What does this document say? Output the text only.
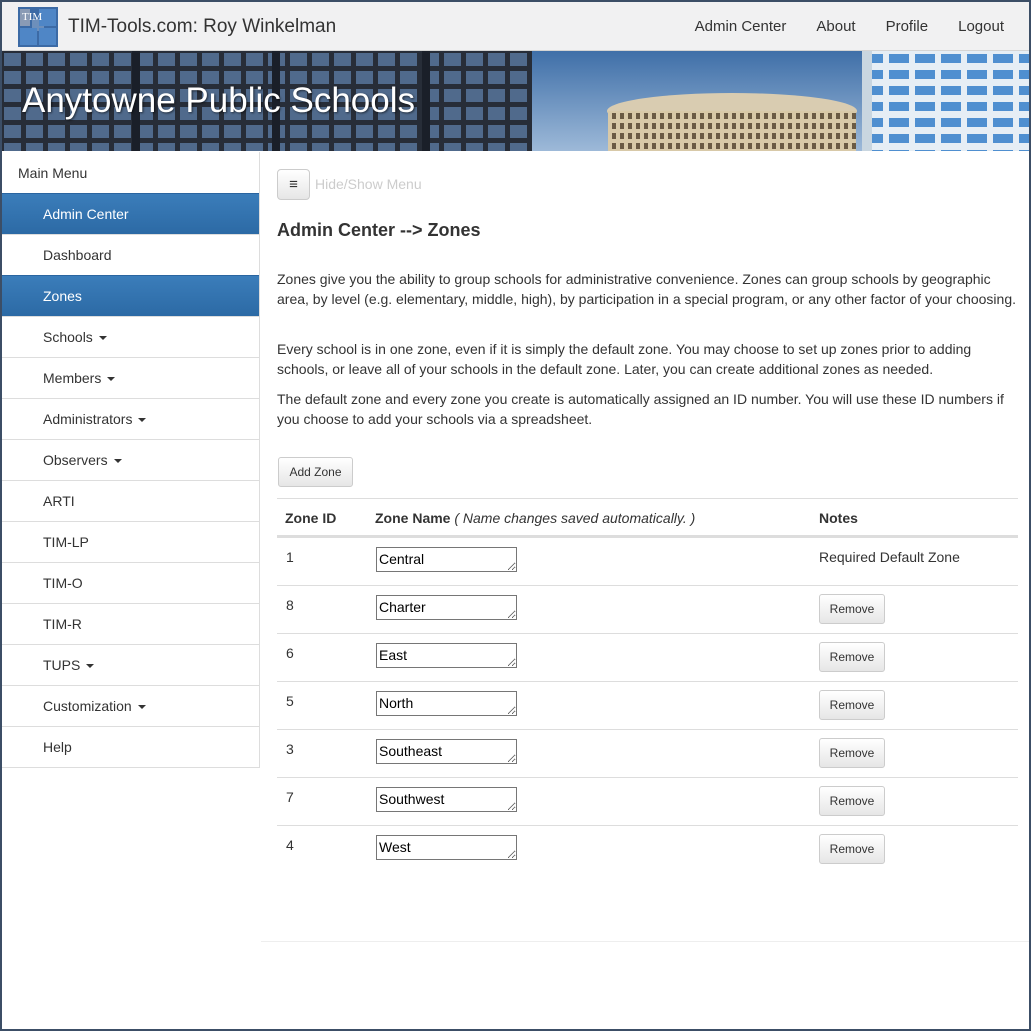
TIM TIM-Tools.com: Roy Winkelman	Admin Center	About	Profile	Logout
Anytowne Public Schools
Main Menu
Admin Center
Dashboard
Zones
Schools
Members
Administrators
Observers
ARTI
TIM-LP
TIM-O
TIM-R
TUPS
Customization
Help
≡	Hide/Show Menu
Admin Center --> Zones

Zones give you the ability to group schools for administrative convenience. Zones can group schools by geographic area, by level (e.g. elementary, middle, high), by participation in a special program, or any other factor of your choosing.

Every school is in one zone, even if it is simply the default zone. You may choose to set up zones prior to adding schools, or leave all of your schools in the default zone. Later, you can create additional zones as needed.

The default zone and every zone you create is automatically assigned an ID number. You will use these ID numbers if you choose to add your schools via a spreadsheet.

Add Zone
Zone ID	Zone Name ( Name changes saved automatically. )	Notes
1	Central	Required Default Zone
8	Charter	Remove
6	East	Remove
5	North	Remove
3	Southeast	Remove
7	Southwest	Remove
4	West	Remove
